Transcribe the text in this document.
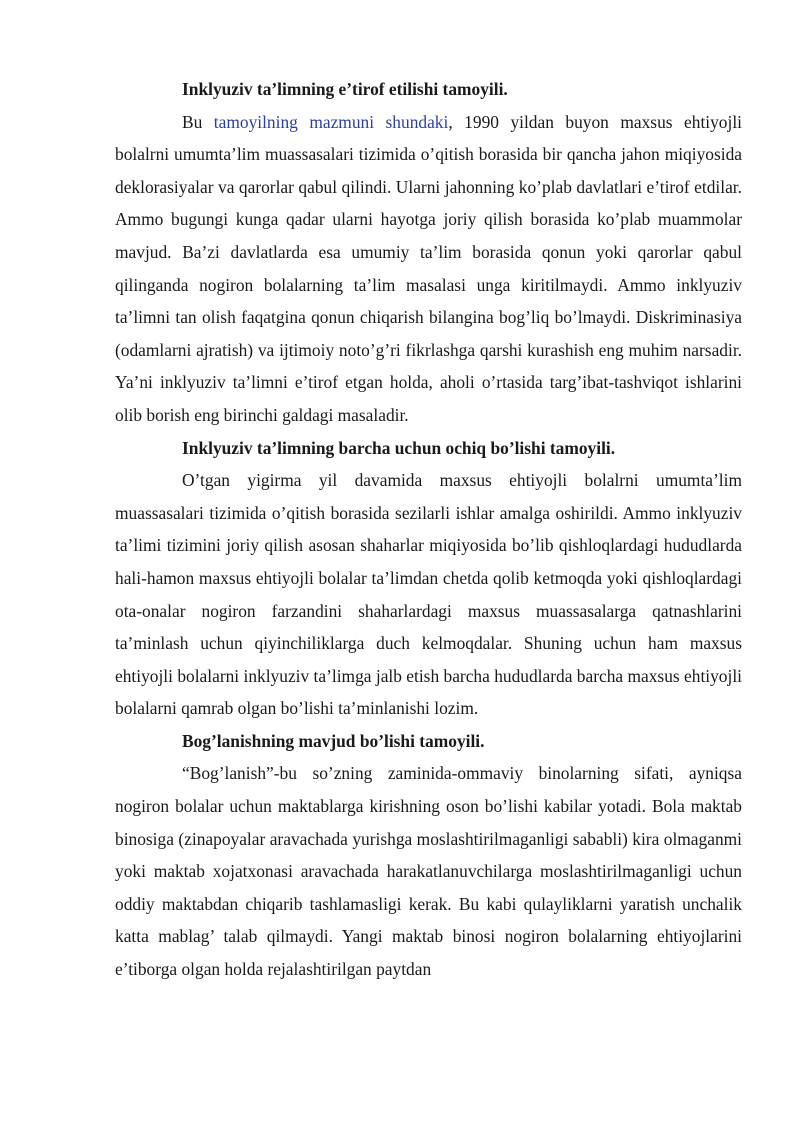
Inklyuziv ta’limning e’tirof etilishi tamoyili.

Bu tamoyilning mazmuni shundaki, 1990 yildan buyon maxsus ehtiyojli bolalrni umumta’lim muassasalari tizimida o’qitish borasida bir qancha jahon miqiyosida deklorasiyalar va qarorlar qabul qilindi. Ularni jahonning ko’plab davlatlari e’tirof etdilar. Ammo bugungi kunga qadar ularni hayotga joriy qilish borasida ko’plab muammolar mavjud. Ba’zi davlatlarda esa umumiy ta’lim borasida qonun yoki qarorlar qabul qilinganda nogiron bolalarning ta’lim masalasi unga kiritilmaydi. Ammo inklyuziv ta’limni tan olish faqatgina qonun chiqarish bilangina bog’liq bo’lmaydi. Diskriminasiya (odamlarni ajratish) va ijtimoiy noto’g’ri fikrlashga qarshi kurashish eng muhim narsadir. Ya’ni inklyuziv ta’limni e’tirof etgan holda, aholi o’rtasida targ’ibat-tashviqot ishlarini olib borish eng birinchi galdagi masaladir.

Inklyuziv ta’limning barcha uchun ochiq bo’lishi tamoyili.

O’tgan yigirma yil davamida maxsus ehtiyojli bolalrni umumta’lim muassasalari tizimida o’qitish borasida sezilarli ishlar amalga oshirildi. Ammo inklyuziv ta’limi tizimini joriy qilish asosan shaharlar miqiyosida bo’lib qishloqlardagi hududlarda hali-hamon maxsus ehtiyojli bolalar ta’limdan chetda qolib ketmoqda yoki qishloqlardagi ota-onalar nogiron farzandini shaharlardagi maxsus muassasalarga qatnashlarini ta’minlash uchun qiyinchiliklarga duch kelmoqdalar. Shuning uchun ham maxsus ehtiyojli bolalarni inklyuziv ta’limga jalb etish barcha hududlarda barcha maxsus ehtiyojli bolalarni qamrab olgan bo’lishi ta’minlanishi lozim.

Bog’lanishning mavjud bo’lishi tamoyili.

“Bog’lanish”-bu so’zning zaminida-ommaviy binolarning sifati, ayniqsa nogiron bolalar uchun maktablarga kirishning oson bo’lishi kabilar yotadi. Bola maktab binosiga (zinapoyalar aravachada yurishga moslashtirilmaganligi sababli) kira olmaganmi yoki maktab xojatxonasi aravachada harakatlanuvchilarga moslashtirilmaganligi uchun oddiy maktabdan chiqarib tashlamasligi kerak. Bu kabi qulayliklarni yaratish unchalik katta mablag’ talab qilmaydi. Yangi maktab binosi nogiron bolalarning ehtiyojlarini e’tiborga olgan holda rejalashtirilgan paytdan
